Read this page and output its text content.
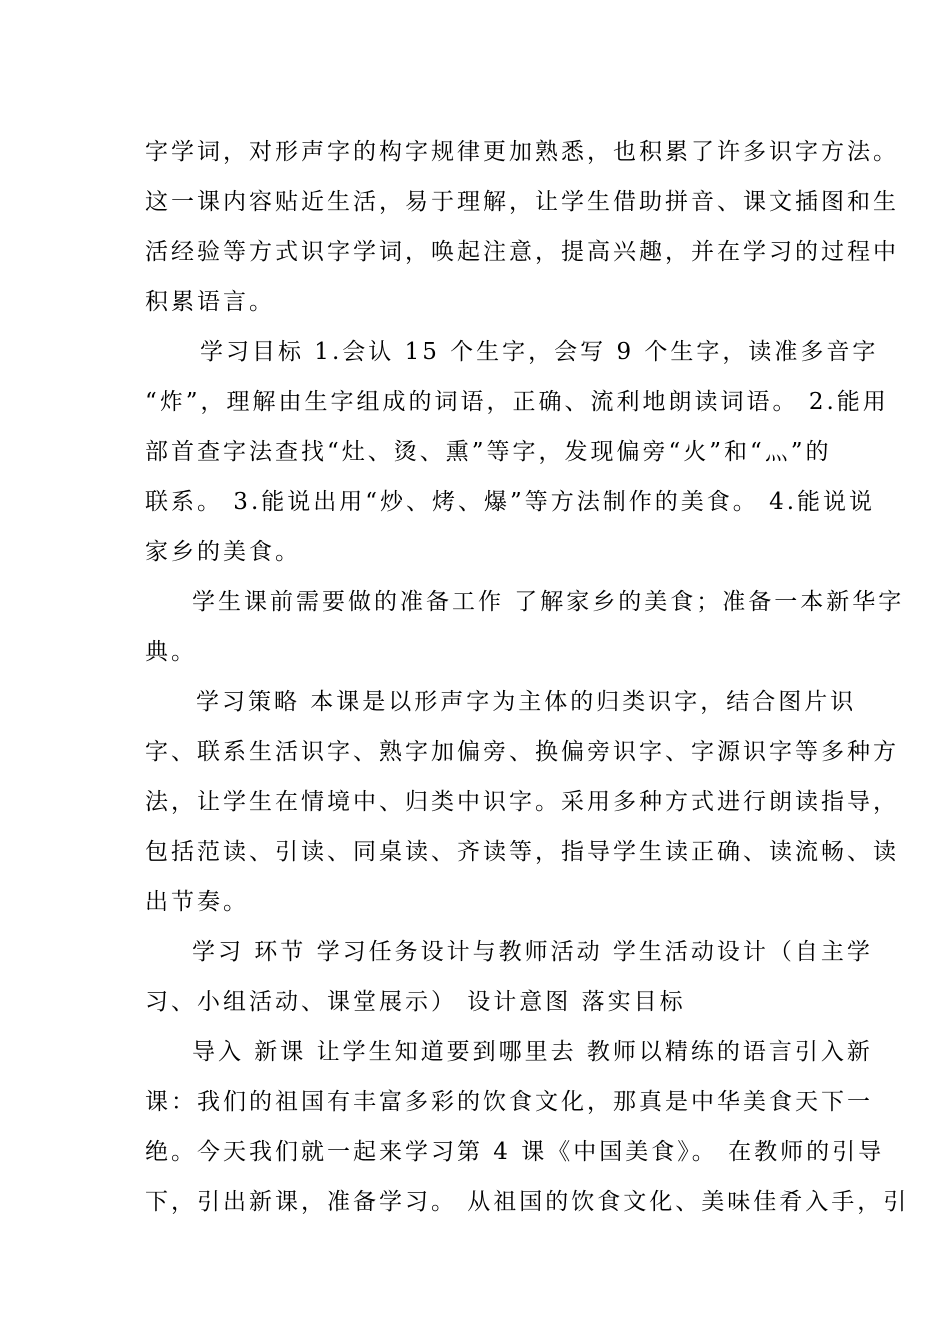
字学词，对形声字的构字规律更加熟悉，也积累了许多识字方法。
这一课内容贴近生活，易于理解，让学生借助拼音、课文插图和生
活经验等方式识字学词，唤起注意，提高兴趣，并在学习的过程中
积累语言。
学习目标 1.会认 15 个生字，会写 9 个生字，读准多音字
“炸”，理解由生字组成的词语，正确、流利地朗读词语。 2.能用
部首查字法查找“灶、烫、熏”等字，发现偏旁“火”和“灬”的
联系。 3.能说出用“炒、烤、爆”等方法制作的美食。 4.能说说
家乡的美食。
学生课前需要做的准备工作 了解家乡的美食；准备一本新华字
典。
学习策略 本课是以形声字为主体的归类识字，结合图片识
字、联系生活识字、熟字加偏旁、换偏旁识字、字源识字等多种方
法，让学生在情境中、归类中识字。采用多种方式进行朗读指导，
包括范读、引读、同桌读、齐读等，指导学生读正确、读流畅、读
出节奏。
学习 环节 学习任务设计与教师活动 学生活动设计（自主学
习、小组活动、课堂展示） 设计意图 落实目标
导入 新课 让学生知道要到哪里去 教师以精练的语言引入新
课：我们的祖国有丰富多彩的饮食文化，那真是中华美食天下一
绝。今天我们就一起来学习第 4 课《中国美食》。 在教师的引导
下，引出新课，准备学习。 从祖国的饮食文化、美味佳肴入手，引
